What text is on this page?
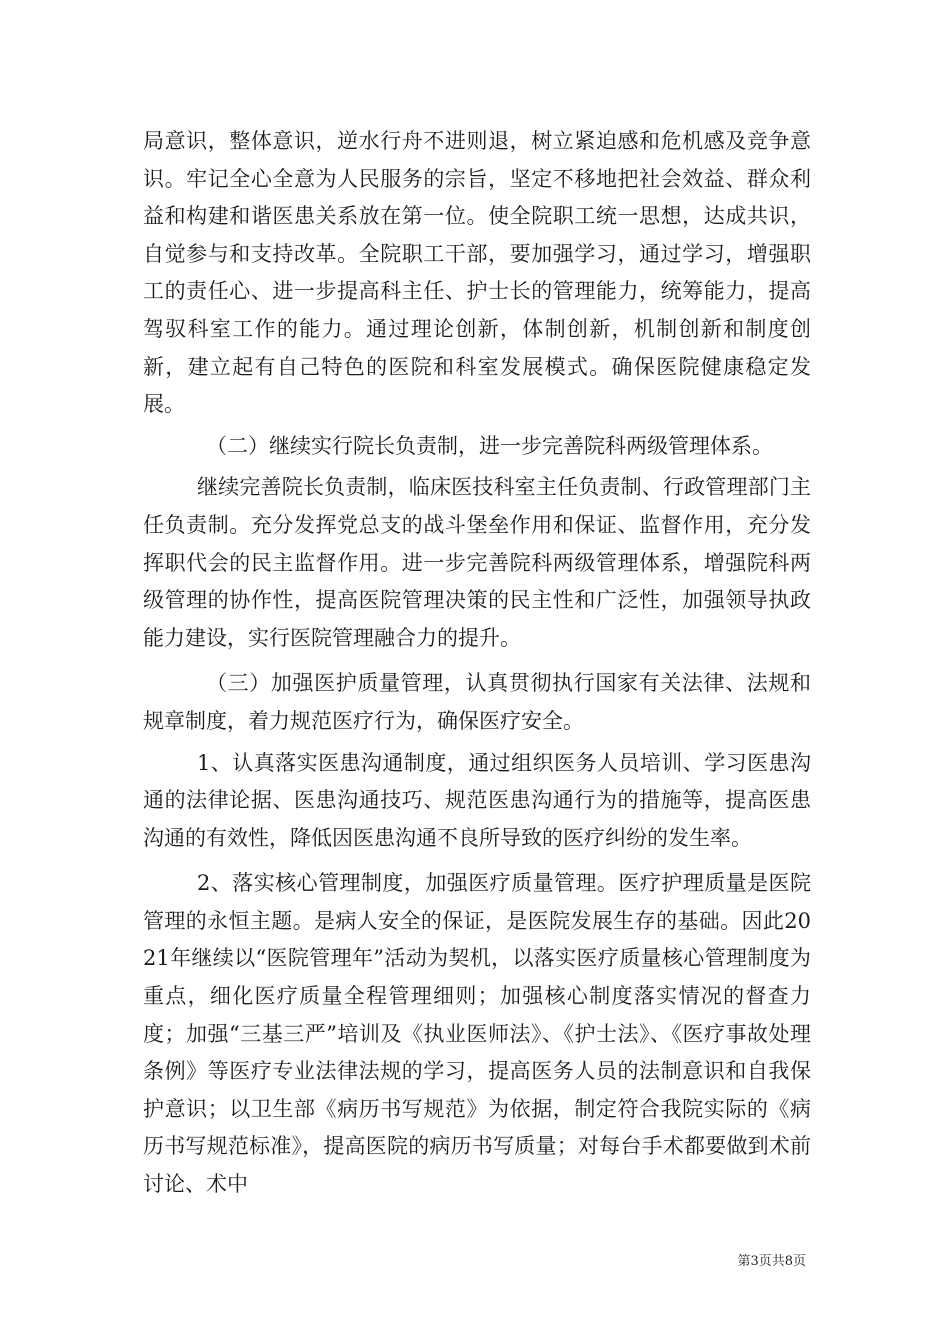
局意识，整体意识，逆水行舟不进则退，树立紧迫感和危机感及竞争意识。牢记全心全意为人民服务的宗旨，坚定不移地把社会效益、群众利益和构建和谐医患关系放在第一位。使全院职工统一思想，达成共识，自觉参与和支持改革。全院职工干部，要加强学习，通过学习，增强职工的责任心、进一步提高科主任、护士长的管理能力，统筹能力，提高驾驭科室工作的能力。通过理论创新，体制创新，机制创新和制度创新，建立起有自己特色的医院和科室发展模式。确保医院健康稳定发展。

（二）继续实行院长负责制，进一步完善院科两级管理体系。

继续完善院长负责制，临床医技科室主任负责制、行政管理部门主任负责制。充分发挥党总支的战斗堡垒作用和保证、监督作用，充分发挥职代会的民主监督作用。进一步完善院科两级管理体系，增强院科两级管理的协作性，提高医院管理决策的民主性和广泛性，加强领导执政能力建设，实行医院管理融合力的提升。

（三）加强医护质量管理，认真贯彻执行国家有关法律、法规和规章制度，着力规范医疗行为，确保医疗安全。

1、认真落实医患沟通制度，通过组织医务人员培训、学习医患沟通的法律论据、医患沟通技巧、规范医患沟通行为的措施等，提高医患沟通的有效性，降低因医患沟通不良所导致的医疗纠纷的发生率。

2、落实核心管理制度，加强医疗质量管理。医疗护理质量是医院管理的永恒主题。是病人安全的保证，是医院发展生存的基础。因此2021年继续以“医院管理年”活动为契机，以落实医疗质量核心管理制度为重点，细化医疗质量全程管理细则；加强核心制度落实情况的督查力度；加强“三基三严”培训及《执业医师法》、《护士法》、《医疗事故处理条例》等医疗专业法律法规的学习，提高医务人员的法制意识和自我保护意识；以卫生部《病历书写规范》为依据，制定符合我院实际的《病历书写规范标准》，提高医院的病历书写质量；对每台手术都要做到术前讨论、术中

第3页共8页
